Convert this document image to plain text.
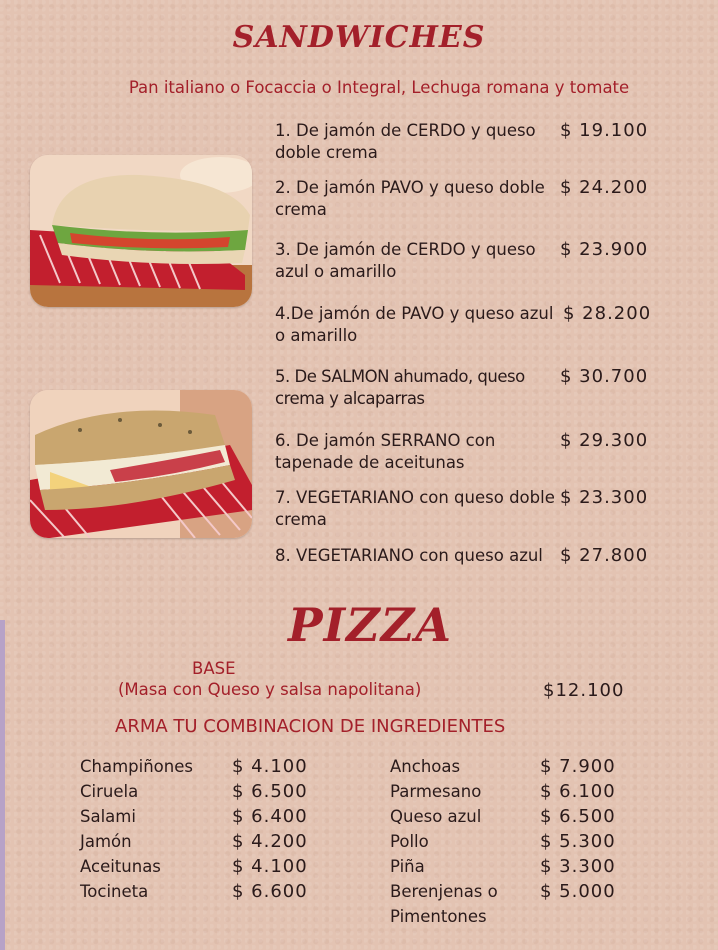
SANDWICHES
Pan italiano o Focaccia o Integral, Lechuga romana y tomate
1. De jamón de CERDO y queso doble crema
$ 19.100
2. De jamón PAVO y queso doble crema
$ 24.200
3. De jamón de CERDO y queso azul o amarillo
$ 23.900
4.De jamón de PAVO y queso azul o amarillo
$ 28.200
5. De SALMON ahumado, queso crema y alcaparras
$ 30.700
6. De jamón SERRANO con tapenade de aceitunas
$ 29.300
7. VEGETARIANO con queso doble crema
$ 23.300
8. VEGETARIANO con queso azul $ 27.800
PIZZA
BASE
(Masa con Queso y salsa napolitana)	$12.100
ARMA TU COMBINACION DE INGREDIENTES
Champiñones $ 4.100
Ciruela	$ 6.500
Salami	$ 6.400
Jamón	$ 4.200
Aceitunas	$ 4.100
Tocineta	$ 6.600
Anchoas	$ 7.900
Parmesano	$ 6.100
Queso azul	$ 6.500
Pollo	$ 5.300
Piña	$ 3.300
Berenjenas o Pimentones
$ 5.000
